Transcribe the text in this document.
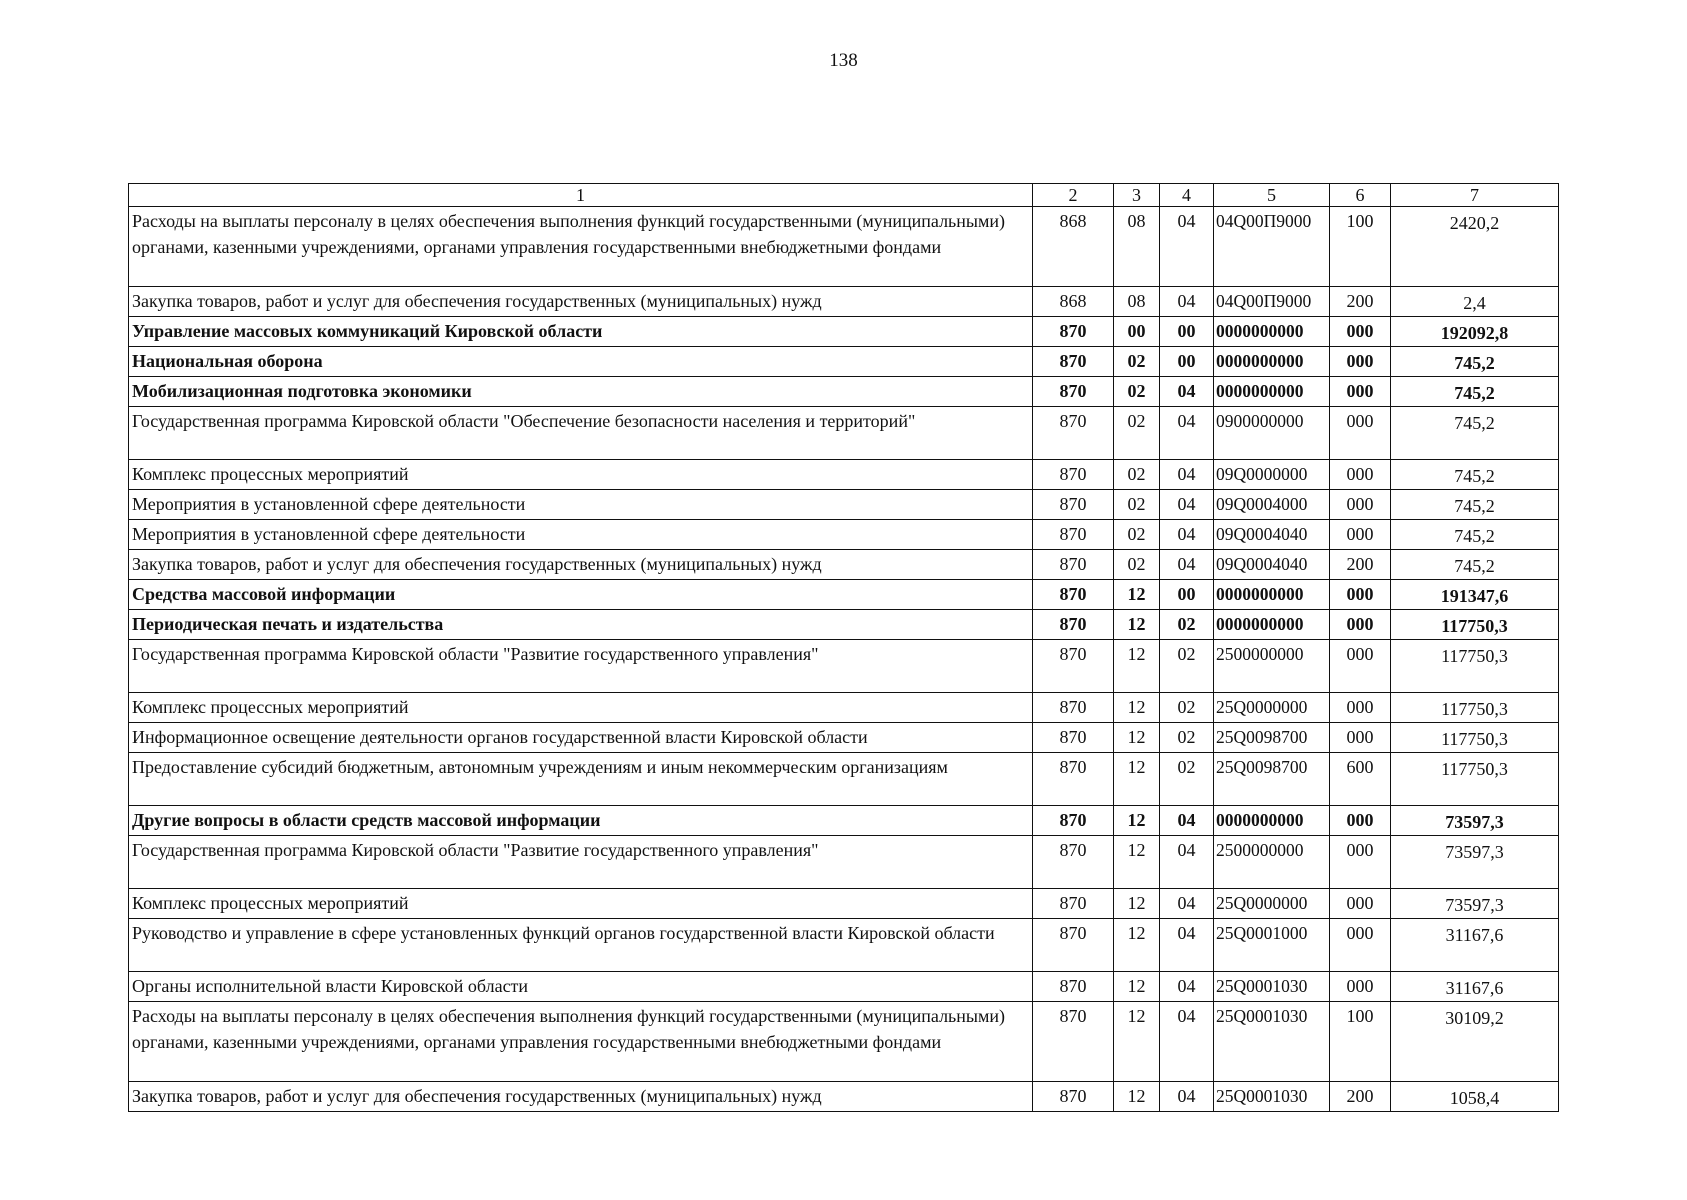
138
1	2	3	4	5	6	7
Расходы на выплаты персоналу в целях обеспечения выполнения функций государственными (муниципальными) органами, казенными учреждениями, органами управления государственными внебюджетными фондами	868	08	04	04Q00П9000	100	2420,2
Закупка товаров, работ и услуг для обеспечения государственных (муниципальных) нужд	868	08	04	04Q00П9000	200	2,4
Управление массовых коммуникаций Кировской области	870	00	00	0000000000	000	192092,8
Национальная оборона	870	02	00	0000000000	000	745,2
Мобилизационная подготовка экономики	870	02	04	0000000000	000	745,2
Государственная программа Кировской области "Обеспечение безопасности населения и территорий"	870	02	04	0900000000	000	745,2
Комплекс процессных мероприятий	870	02	04	09Q0000000	000	745,2
Мероприятия в установленной сфере деятельности	870	02	04	09Q0004000	000	745,2
Мероприятия в установленной сфере деятельности	870	02	04	09Q0004040	000	745,2
Закупка товаров, работ и услуг для обеспечения государственных (муниципальных) нужд	870	02	04	09Q0004040	200	745,2
Средства массовой информации	870	12	00	0000000000	000	191347,6
Периодическая печать и издательства	870	12	02	0000000000	000	117750,3
Государственная программа Кировской области "Развитие государственного управления"	870	12	02	2500000000	000	117750,3
Комплекс процессных мероприятий	870	12	02	25Q0000000	000	117750,3
Информационное освещение деятельности органов государственной власти Кировской области	870	12	02	25Q0098700	000	117750,3
Предоставление субсидий бюджетным, автономным учреждениям и иным некоммерческим организациям	870	12	02	25Q0098700	600	117750,3
Другие вопросы в области средств массовой информации	870	12	04	0000000000	000	73597,3
Государственная программа Кировской области "Развитие государственного управления"	870	12	04	2500000000	000	73597,3
Комплекс процессных мероприятий	870	12	04	25Q0000000	000	73597,3
Руководство и управление в сфере установленных функций органов государственной власти Кировской области	870	12	04	25Q0001000	000	31167,6
Органы исполнительной власти Кировской области	870	12	04	25Q0001030	000	31167,6
Расходы на выплаты персоналу в целях обеспечения выполнения функций государственными (муниципальными) органами, казенными учреждениями, органами управления государственными внебюджетными фондами	870	12	04	25Q0001030	100	30109,2
Закупка товаров, работ и услуг для обеспечения государственных (муниципальных) нужд	870	12	04	25Q0001030	200	1058,4
